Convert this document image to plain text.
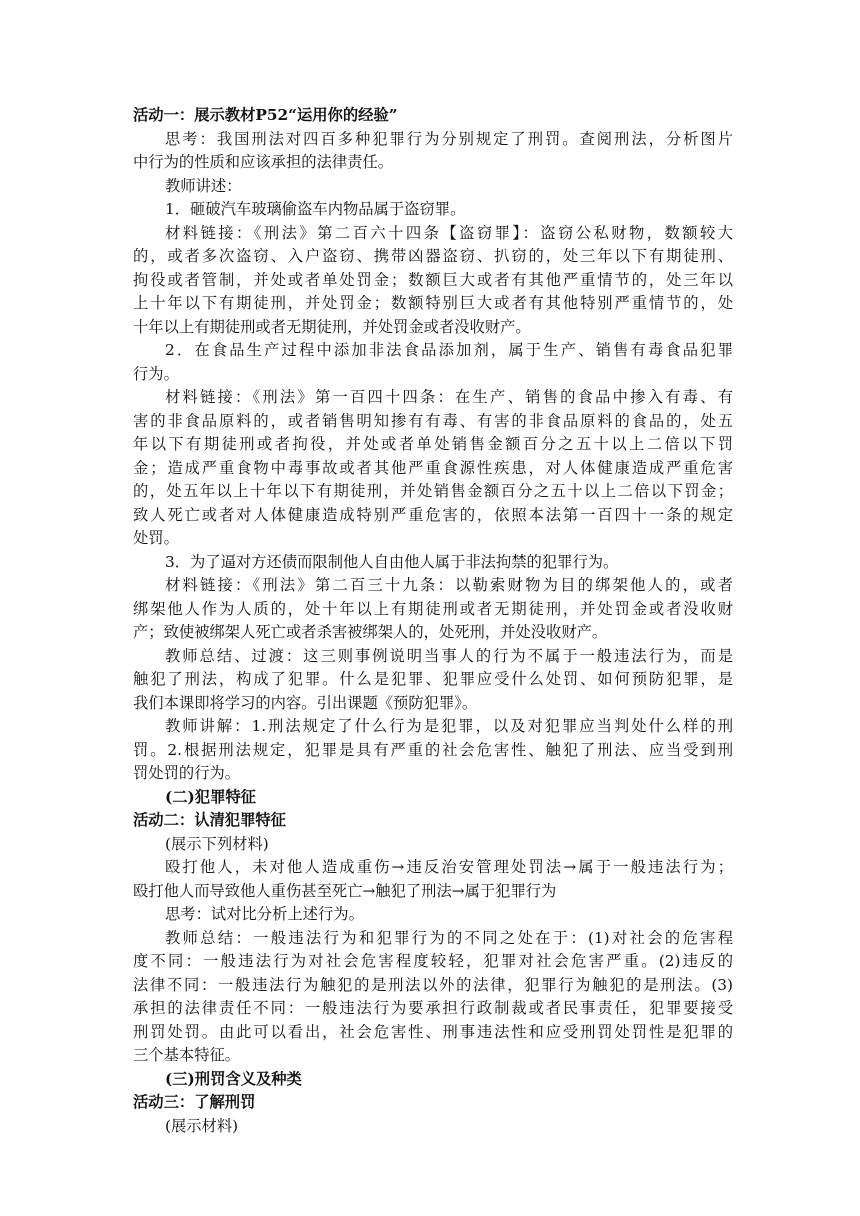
活动一：展示教材P52“运用你的经验”
思考：我国刑法对四百多种犯罪行为分别规定了刑罚。查阅刑法，分析图片
中行为的性质和应该承担的法律责任。
教师讲述：
1．砸破汽车玻璃偷盗车内物品属于盗窃罪。
材料链接：《刑法》第二百六十四条【盗窃罪】：盗窃公私财物，数额较大
的，或者多次盗窃、入户盗窃、携带凶器盗窃、扒窃的，处三年以下有期徒刑、
拘役或者管制，并处或者单处罚金；数额巨大或者有其他严重情节的，处三年以
上十年以下有期徒刑，并处罚金；数额特别巨大或者有其他特别严重情节的，处
十年以上有期徒刑或者无期徒刑，并处罚金或者没收财产。
2．在食品生产过程中添加非法食品添加剂，属于生产、销售有毒食品犯罪
行为。
材料链接：《刑法》第一百四十四条：在生产、销售的食品中掺入有毒、有
害的非食品原料的，或者销售明知掺有有毒、有害的非食品原料的食品的，处五
年以下有期徒刑或者拘役，并处或者单处销售金额百分之五十以上二倍以下罚
金；造成严重食物中毒事故或者其他严重食源性疾患，对人体健康造成严重危害
的，处五年以上十年以下有期徒刑，并处销售金额百分之五十以上二倍以下罚金；
致人死亡或者对人体健康造成特别严重危害的，依照本法第一百四十一条的规定
处罚。
3．为了逼对方还债而限制他人自由他人属于非法拘禁的犯罪行为。
材料链接：《刑法》第二百三十九条：以勒索财物为目的绑架他人的，或者
绑架他人作为人质的，处十年以上有期徒刑或者无期徒刑，并处罚金或者没收财
产；致使被绑架人死亡或者杀害被绑架人的，处死刑，并处没收财产。
教师总结、过渡：这三则事例说明当事人的行为不属于一般违法行为，而是
触犯了刑法，构成了犯罪。什么是犯罪、犯罪应受什么处罚、如何预防犯罪，是
我们本课即将学习的内容。引出课题《预防犯罪》。
教师讲解：1.刑法规定了什么行为是犯罪，以及对犯罪应当判处什么样的刑
罚。2.根据刑法规定，犯罪是具有严重的社会危害性、触犯了刑法、应当受到刑
罚处罚的行为。
(二)犯罪特征
活动二：认清犯罪特征
(展示下列材料)
殴打他人，未对他人造成重伤→违反治安管理处罚法→属于一般违法行为；
殴打他人而导致他人重伤甚至死亡→触犯了刑法→属于犯罪行为
思考：试对比分析上述行为。
教师总结：一般违法行为和犯罪行为的不同之处在于：(1)对社会的危害程
度不同：一般违法行为对社会危害程度较轻，犯罪对社会危害严重。(2)违反的
法律不同：一般违法行为触犯的是刑法以外的法律，犯罪行为触犯的是刑法。(3)
承担的法律责任不同：一般违法行为要承担行政制裁或者民事责任，犯罪要接受
刑罚处罚。由此可以看出，社会危害性、刑事违法性和应受刑罚处罚性是犯罪的
三个基本特征。
(三)刑罚含义及种类
活动三：了解刑罚
(展示材料)
